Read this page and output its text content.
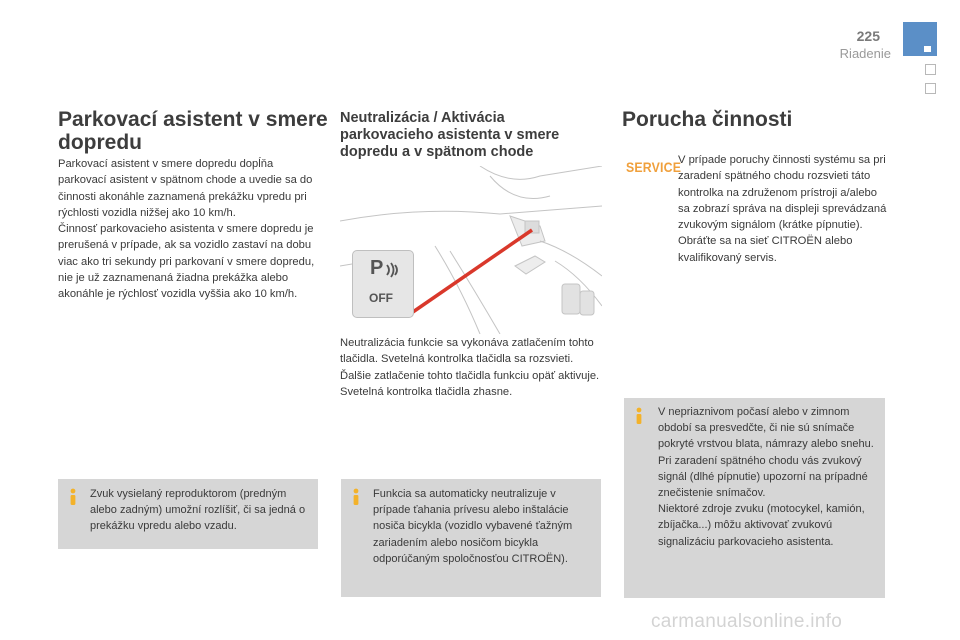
225
Riadenie
Parkovací asistent v smere dopredu

Parkovací asistent v smere dopredu dopĺňa parkovací asistent v spätnom chode a uvedie sa do činnosti akonáhle zaznamená prekážku vpredu pri rýchlosti vozidla nižšej ako 10 km/h.

Činnosť parkovacieho asistenta v smere dopredu je prerušená v prípade, ak sa vozidlo zastaví na dobu viac ako tri sekundy pri parkovaní v smere dopredu, nie je už zaznamenaná žiadna prekážka alebo akonáhle je rýchlosť vozidla vyššia ako 10 km/h.

Zvuk vysielaný reproduktorom (predným alebo zadným) umožní rozlíšiť, či sa jedná o prekážku vpredu alebo vzadu.
Neutralizácia / Aktivácia parkovacieho asistenta v smere dopredu a v spätnom chode
P
OFF

Neutralizácia funkcie sa vykonáva zatlačením tohto tlačidla. Svetelná kontrolka tlačidla sa rozsvieti.

Ďalšie zatlačenie tohto tlačidla funkciu opäť aktivuje. Svetelná kontrolka tlačidla zhasne.

Funkcia sa automaticky neutralizuje v prípade ťahania prívesu alebo inštalácie nosiča bicykla (vozidlo vybavené ťažným zariadením alebo nosičom bicykla odporúčaným spoločnosťou CITROËN).
Porucha činnosti
SERVICE

V prípade poruchy činnosti systému sa pri zaradení spätného chodu rozsvieti táto kontrolka na združenom prístroji a/alebo sa zobrazí správa na displeji sprevádzaná zvukovým signálom (krátke pípnutie).

Obráťte sa na sieť CITROËN alebo kvalifikovaný servis.

V nepriaznivom počasí alebo v zimnom období sa presvedčte, či nie sú snímače pokryté vrstvou blata, námrazy alebo snehu. Pri zaradení spätného chodu vás zvukový signál (dlhé pípnutie) upozorní na prípadné znečistenie snímačov.

Niektoré zdroje zvuku (motocykel, kamión, zbíjačka...) môžu aktivovať zvukovú signalizáciu parkovacieho asistenta.

carmanualsonline.info
